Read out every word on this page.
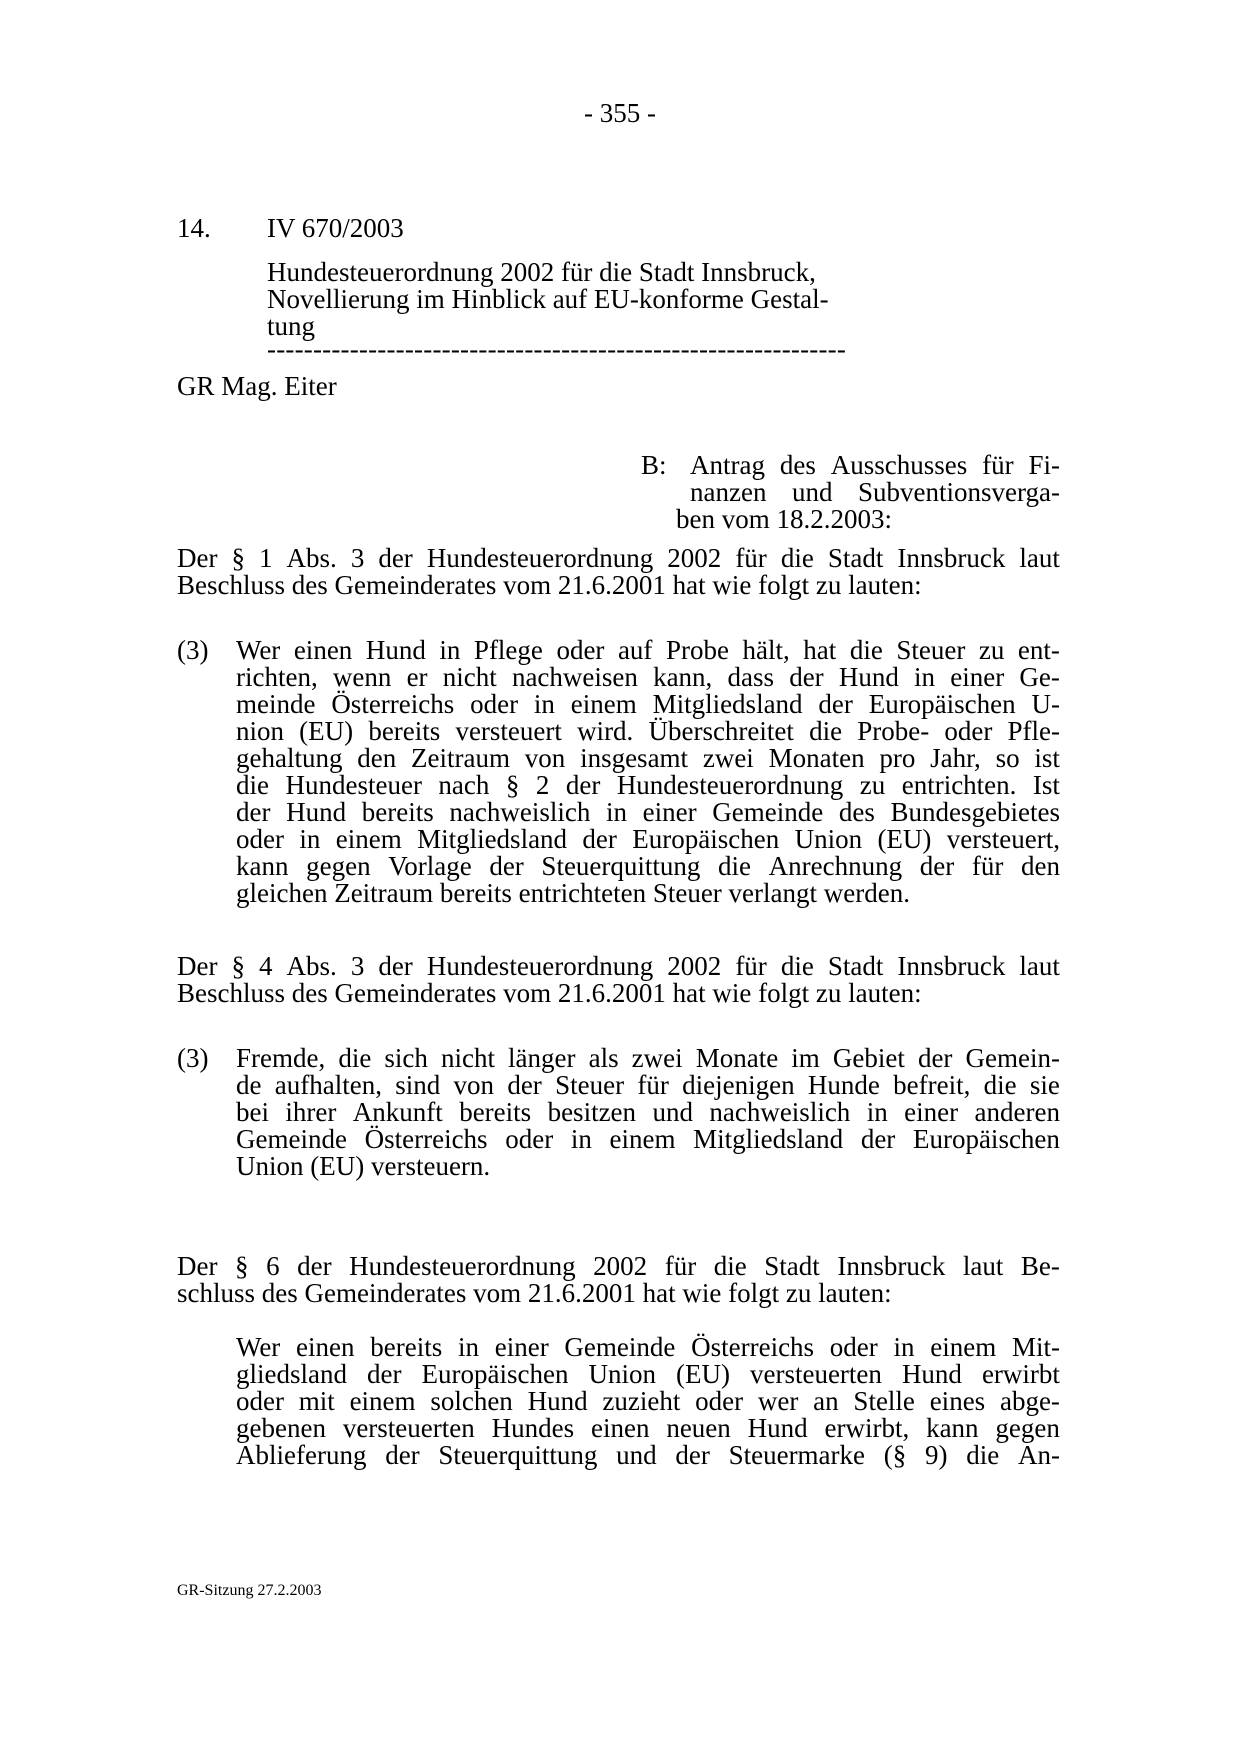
- 355 -
14. IV 670/2003
Hundesteuerordnung 2002 für die Stadt Innsbruck,
Novellierung im Hinblick auf EU-konforme Gestal-
tung
---------------------------------------------------------------
GR Mag. Eiter
B: Antrag des Ausschusses für Fi-
nanzen und Subventionsverga-
ben vom 18.2.2003:
Der § 1 Abs. 3 der Hundesteuerordnung 2002 für die Stadt Innsbruck laut
Beschluss des Gemeinderates vom 21.6.2001 hat wie folgt zu lauten:
(3) Wer einen Hund in Pflege oder auf Probe hält, hat die Steuer zu ent-
richten, wenn er nicht nachweisen kann, dass der Hund in einer Ge-
meinde Österreichs oder in einem Mitgliedsland der Europäischen U-
nion (EU) bereits versteuert wird. Überschreitet die Probe- oder Pfle-
gehaltung den Zeitraum von insgesamt zwei Monaten pro Jahr, so ist
die Hundesteuer nach § 2 der Hundesteuerordnung zu entrichten. Ist
der Hund bereits nachweislich in einer Gemeinde des Bundesgebietes
oder in einem Mitgliedsland der Europäischen Union (EU) versteuert,
kann gegen Vorlage der Steuerquittung die Anrechnung der für den
gleichen Zeitraum bereits entrichteten Steuer verlangt werden.
Der § 4 Abs. 3 der Hundesteuerordnung 2002 für die Stadt Innsbruck laut
Beschluss des Gemeinderates vom 21.6.2001 hat wie folgt zu lauten:
(3) Fremde, die sich nicht länger als zwei Monate im Gebiet der Gemein-
de aufhalten, sind von der Steuer für diejenigen Hunde befreit, die sie
bei ihrer Ankunft bereits besitzen und nachweislich in einer anderen
Gemeinde Österreichs oder in einem Mitgliedsland der Europäischen
Union (EU) versteuern.
Der § 6 der Hundesteuerordnung 2002 für die Stadt Innsbruck laut Be-
schluss des Gemeinderates vom 21.6.2001 hat wie folgt zu lauten:
Wer einen bereits in einer Gemeinde Österreichs oder in einem Mit-
gliedsland der Europäischen Union (EU) versteuerten Hund erwirbt
oder mit einem solchen Hund zuzieht oder wer an Stelle eines abge-
gebenen versteuerten Hundes einen neuen Hund erwirbt, kann gegen
Ablieferung der Steuerquittung und der Steuermarke (§ 9) die An-
GR-Sitzung 27.2.2003
